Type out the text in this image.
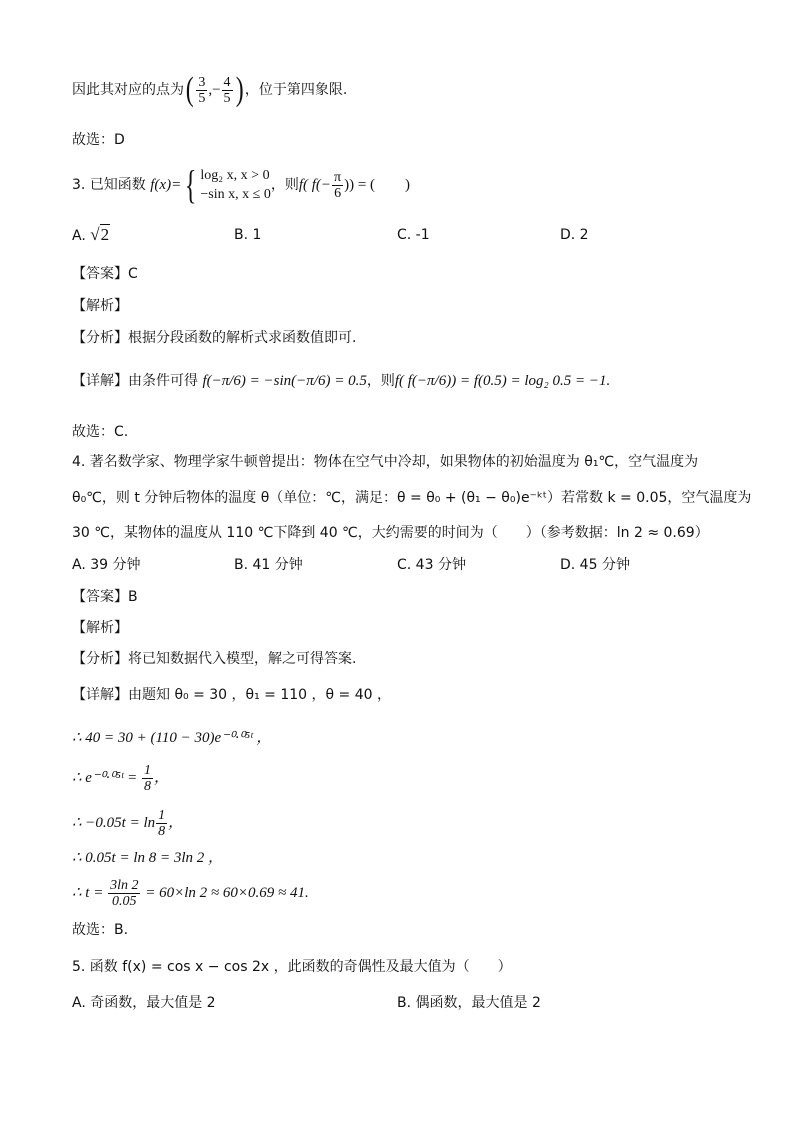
因此其对应的点为( $\frac{3}{5}$ ,− $\frac{4}{5}$ ) ，位于第四象限.
故选：D
3. 已知函数 f(x)={ log₂ x, x > 0
−sin x, x ≤ 0
，则f( $f(- \frac{\pi}{6}$ )) = (　　)
A. √2	B. 1	C. -1	D. 2
【答案】C
【解析】
【分析】根据分段函数的解析式求函数值即可.
【详解】由条件可得 f(−π/6) = −sin(−π/6) = 0.5，则f( f(−π/6)) = f(0.5) = log₂ 0.5 = −1.
故选：C.
4. 著名数学家、物理学家牛顿曾提出：物体在空气中冷却，如果物体的初始温度为 θ₁℃，空气温度为
θ₀℃，则 t 分钟后物体的温度 θ（单位：℃，满足：θ = θ₀ + (θ₁ − θ₀)e⁻ᵏᵗ）若常数 k = 0.05，空气温度为
30 ℃，某物体的温度从 110 ℃下降到 40 ℃，大约需要的时间为（　　）（参考数据：ln 2 ≈ 0.69）
A. 39 分钟	B. 41 分钟	C. 43 分钟	D. 45 分钟
【答案】B
【解析】
【分析】将已知数据代入模型，解之可得答案.
【详解】由题知 θ₀ = 30 ，θ₁ = 110 ，θ = 40 ，
∴ 40 = 30 + (110 − 30)e⁻⁰·⁰⁵ᵗ ，
∴ e⁻⁰·⁰⁵ᵗ = $\frac{1}{8}$ ，
∴ $-0.05t = \ln \frac{1}{8}$ ，
∴ 0.05t = ln 8 = 3ln 2 ，
∴ $t = \frac{3\ln 2}{0.05} = 60\times\ln$ 2 ≈ 60×0.69 ≈ 41.
故选：B.
5. 函数 f(x) = cos x − cos 2x ，此函数的奇偶性及最大值为（　　）
A. 奇函数，最大值是 2	B. 偶函数，最大值是 2
